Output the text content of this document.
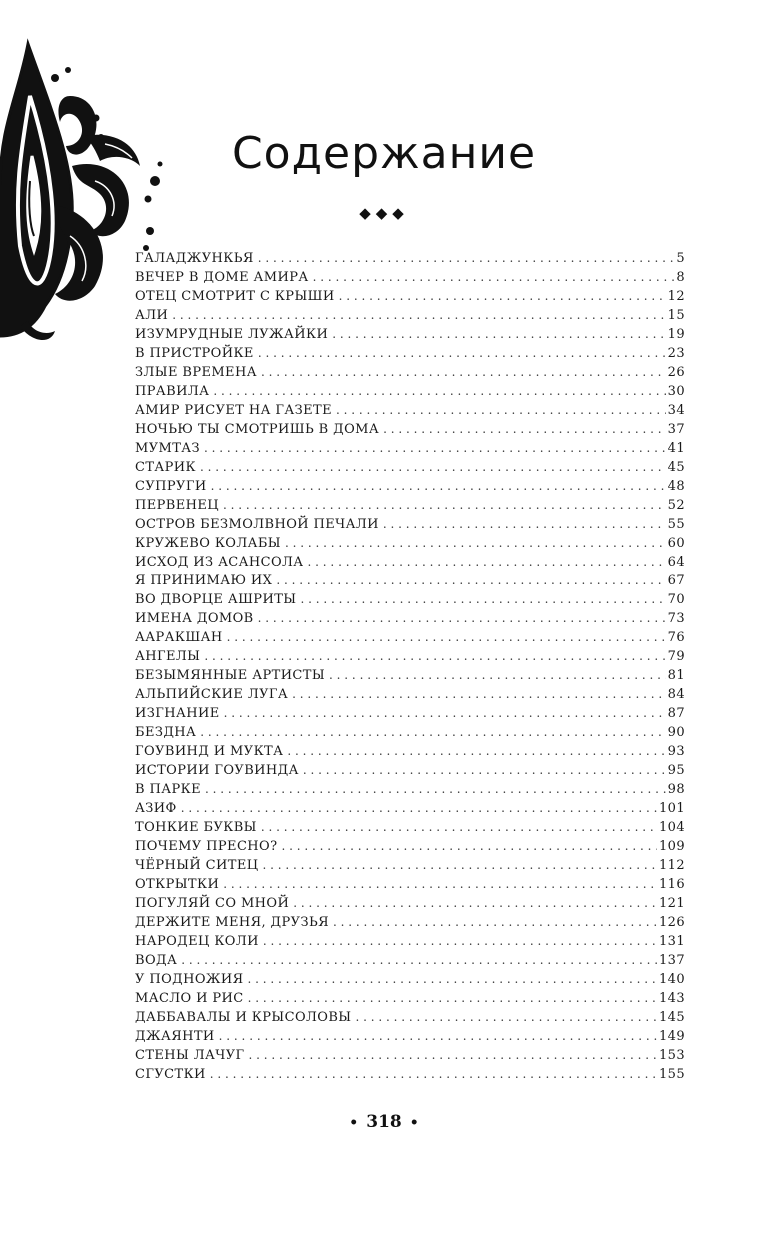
Содержание
◆◆◆
ГАЛАДЖУНКЬЯ . . .	5
ВЕЧЕР В ДОМЕ АМИРА . . .	8
ОТЕЦ СМОТРИТ С КРЫШИ . . .	12
АЛИ . . .	15
ИЗУМРУДНЫЕ ЛУЖАЙКИ . . .	19
В ПРИСТРОЙКЕ . . .	23
ЗЛЫЕ ВРЕМЕНА . . .	26
ПРАВИЛА . . .	30
АМИР РИСУЕТ НА ГАЗЕТЕ . . .	34
НОЧЬЮ ТЫ СМОТРИШЬ В ДОМА . . .	37
МУМТАЗ . . .	41
СТАРИК . . .	45
СУПРУГИ . . .	48
ПЕРВЕНЕЦ . . .	52
ОСТРОВ БЕЗМОЛВНОЙ ПЕЧАЛИ . . .	55
КРУЖЕВО КОЛАБЫ . . .	60
ИСХОД ИЗ АСАНСОЛА . . .	64
Я ПРИНИМАЮ ИХ . . .	67
ВО ДВОРЦЕ АШРИТЫ . . .	70
ИМЕНА ДОМОВ . . .	73
ААРАКШАН . . .	76
АНГЕЛЫ . . .	79
БЕЗЫМЯННЫЕ АРТИСТЫ . . .	81
АЛЬПИЙСКИЕ ЛУГА . . .	84
ИЗГНАНИЕ . . .	87
БЕЗДНА . . .	90
ГОУВИНД И МУКТА . . .	93
ИСТОРИИ ГОУВИНДА . . .	95
В ПАРКЕ . . .	98
АЗИФ . . .	101
ТОНКИЕ БУКВЫ . . .	104
ПОЧЕМУ ПРЕСНО? . . .	109
ЧЁРНЫЙ СИТЕЦ . . .	112
ОТКРЫТКИ . . .	116
ПОГУЛЯЙ СО МНОЙ . . .	121
ДЕРЖИТЕ МЕНЯ, ДРУЗЬЯ . . .	126
НАРОДЕЦ КОЛИ . . .	131
ВОДА . . .	137
У ПОДНОЖИЯ . . .	140
МАСЛО И РИС . . .	143
ДАББАВАЛЫ И КРЫСОЛОВЫ . . .	145
ДЖАЯНТИ . . .	149
СТЕНЫ ЛАЧУГ . . .	153
СГУСТКИ . . .	155
• 318 •
